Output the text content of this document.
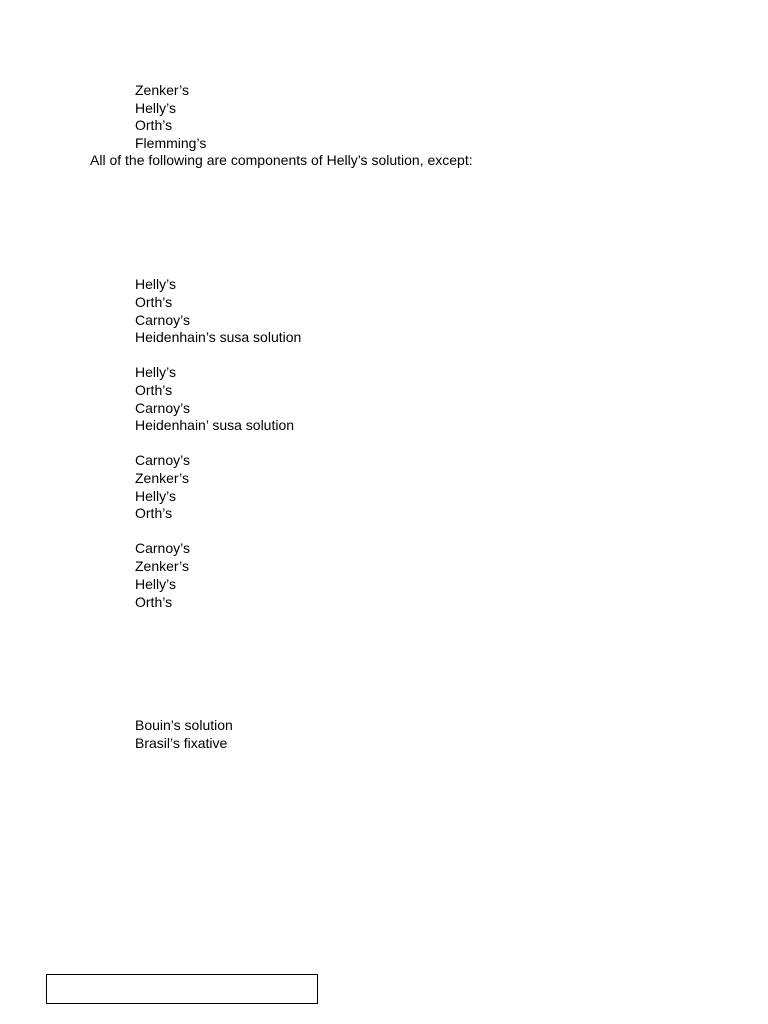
Zenker’s
Helly’s
Orth’s
Flemming’s
All of the following are components of Helly’s solution, except:
Helly’s
Orth’s
Carnoy’s
Heidenhain’s susa solution
Helly’s
Orth’s
Carnoy’s
Heidenhain’ susa solution
Carnoy’s
Zenker’s
Helly’s
Orth’s
Carnoy’s
Zenker’s
Helly’s
Orth’s
Bouin’s solution
Brasil’s fixative
